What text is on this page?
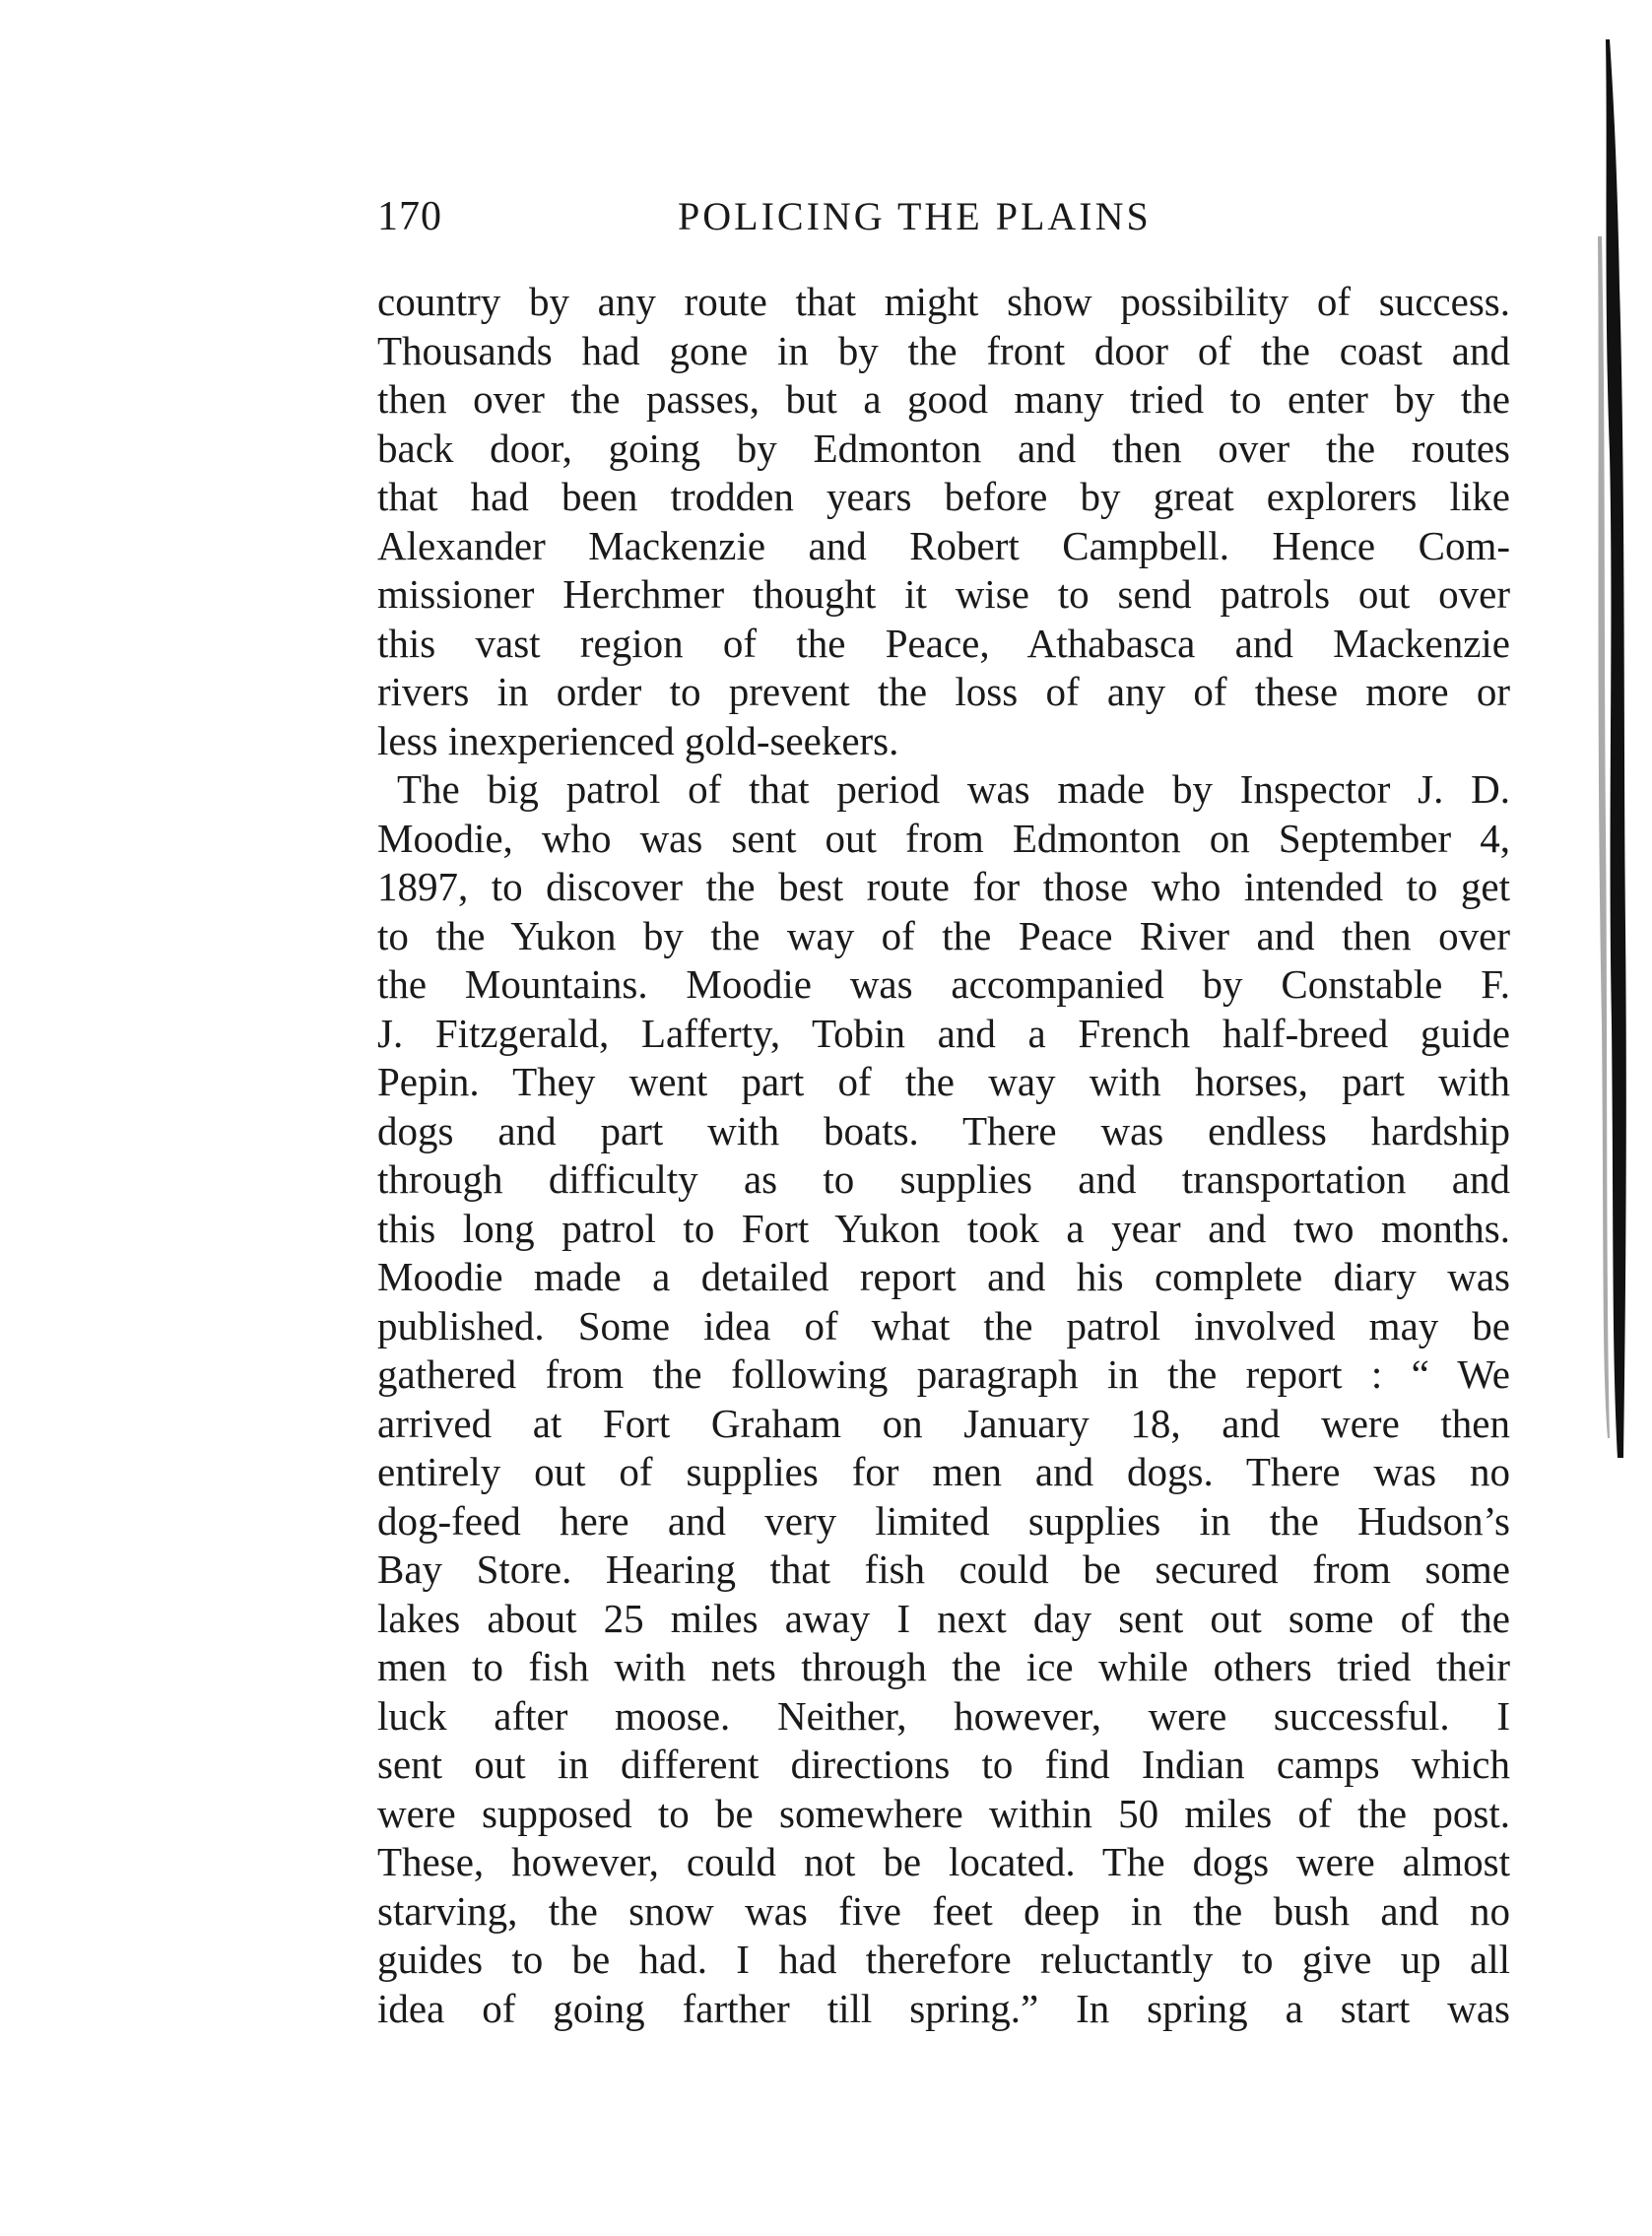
170	POLICING THE PLAINS
country by any route that might show possibility of success.
Thousands had gone in by the front door of the coast and
then over the passes, but a good many tried to enter by the
back door, going by Edmonton and then over the routes
that had been trodden years before by great explorers like
Alexander Mackenzie and Robert Campbell. Hence Com-
missioner Herchmer thought it wise to send patrols out over
this vast region of the Peace, Athabasca and Mackenzie
rivers in order to prevent the loss of any of these more or
less inexperienced gold-seekers.
The big patrol of that period was made by Inspector J. D.
Moodie, who was sent out from Edmonton on September 4,
1897, to discover the best route for those who intended to get
to the Yukon by the way of the Peace River and then over
the Mountains. Moodie was accompanied by Constable F.
J. Fitzgerald, Lafferty, Tobin and a French half-breed guide
Pepin. They went part of the way with horses, part with
dogs and part with boats. There was endless hardship
through difficulty as to supplies and transportation and
this long patrol to Fort Yukon took a year and two months.
Moodie made a detailed report and his complete diary was
published. Some idea of what the patrol involved may be
gathered from the following paragraph in the report : “ We
arrived at Fort Graham on January 18, and were then
entirely out of supplies for men and dogs. There was no
dog-feed here and very limited supplies in the Hudson’s
Bay Store. Hearing that fish could be secured from some
lakes about 25 miles away I next day sent out some of the
men to fish with nets through the ice while others tried their
luck after moose. Neither, however, were successful. I
sent out in different directions to find Indian camps which
were supposed to be somewhere within 50 miles of the post.
These, however, could not be located. The dogs were almost
starving, the snow was five feet deep in the bush and no
guides to be had. I had therefore reluctantly to give up all
idea of going farther till spring.” In spring a start was
